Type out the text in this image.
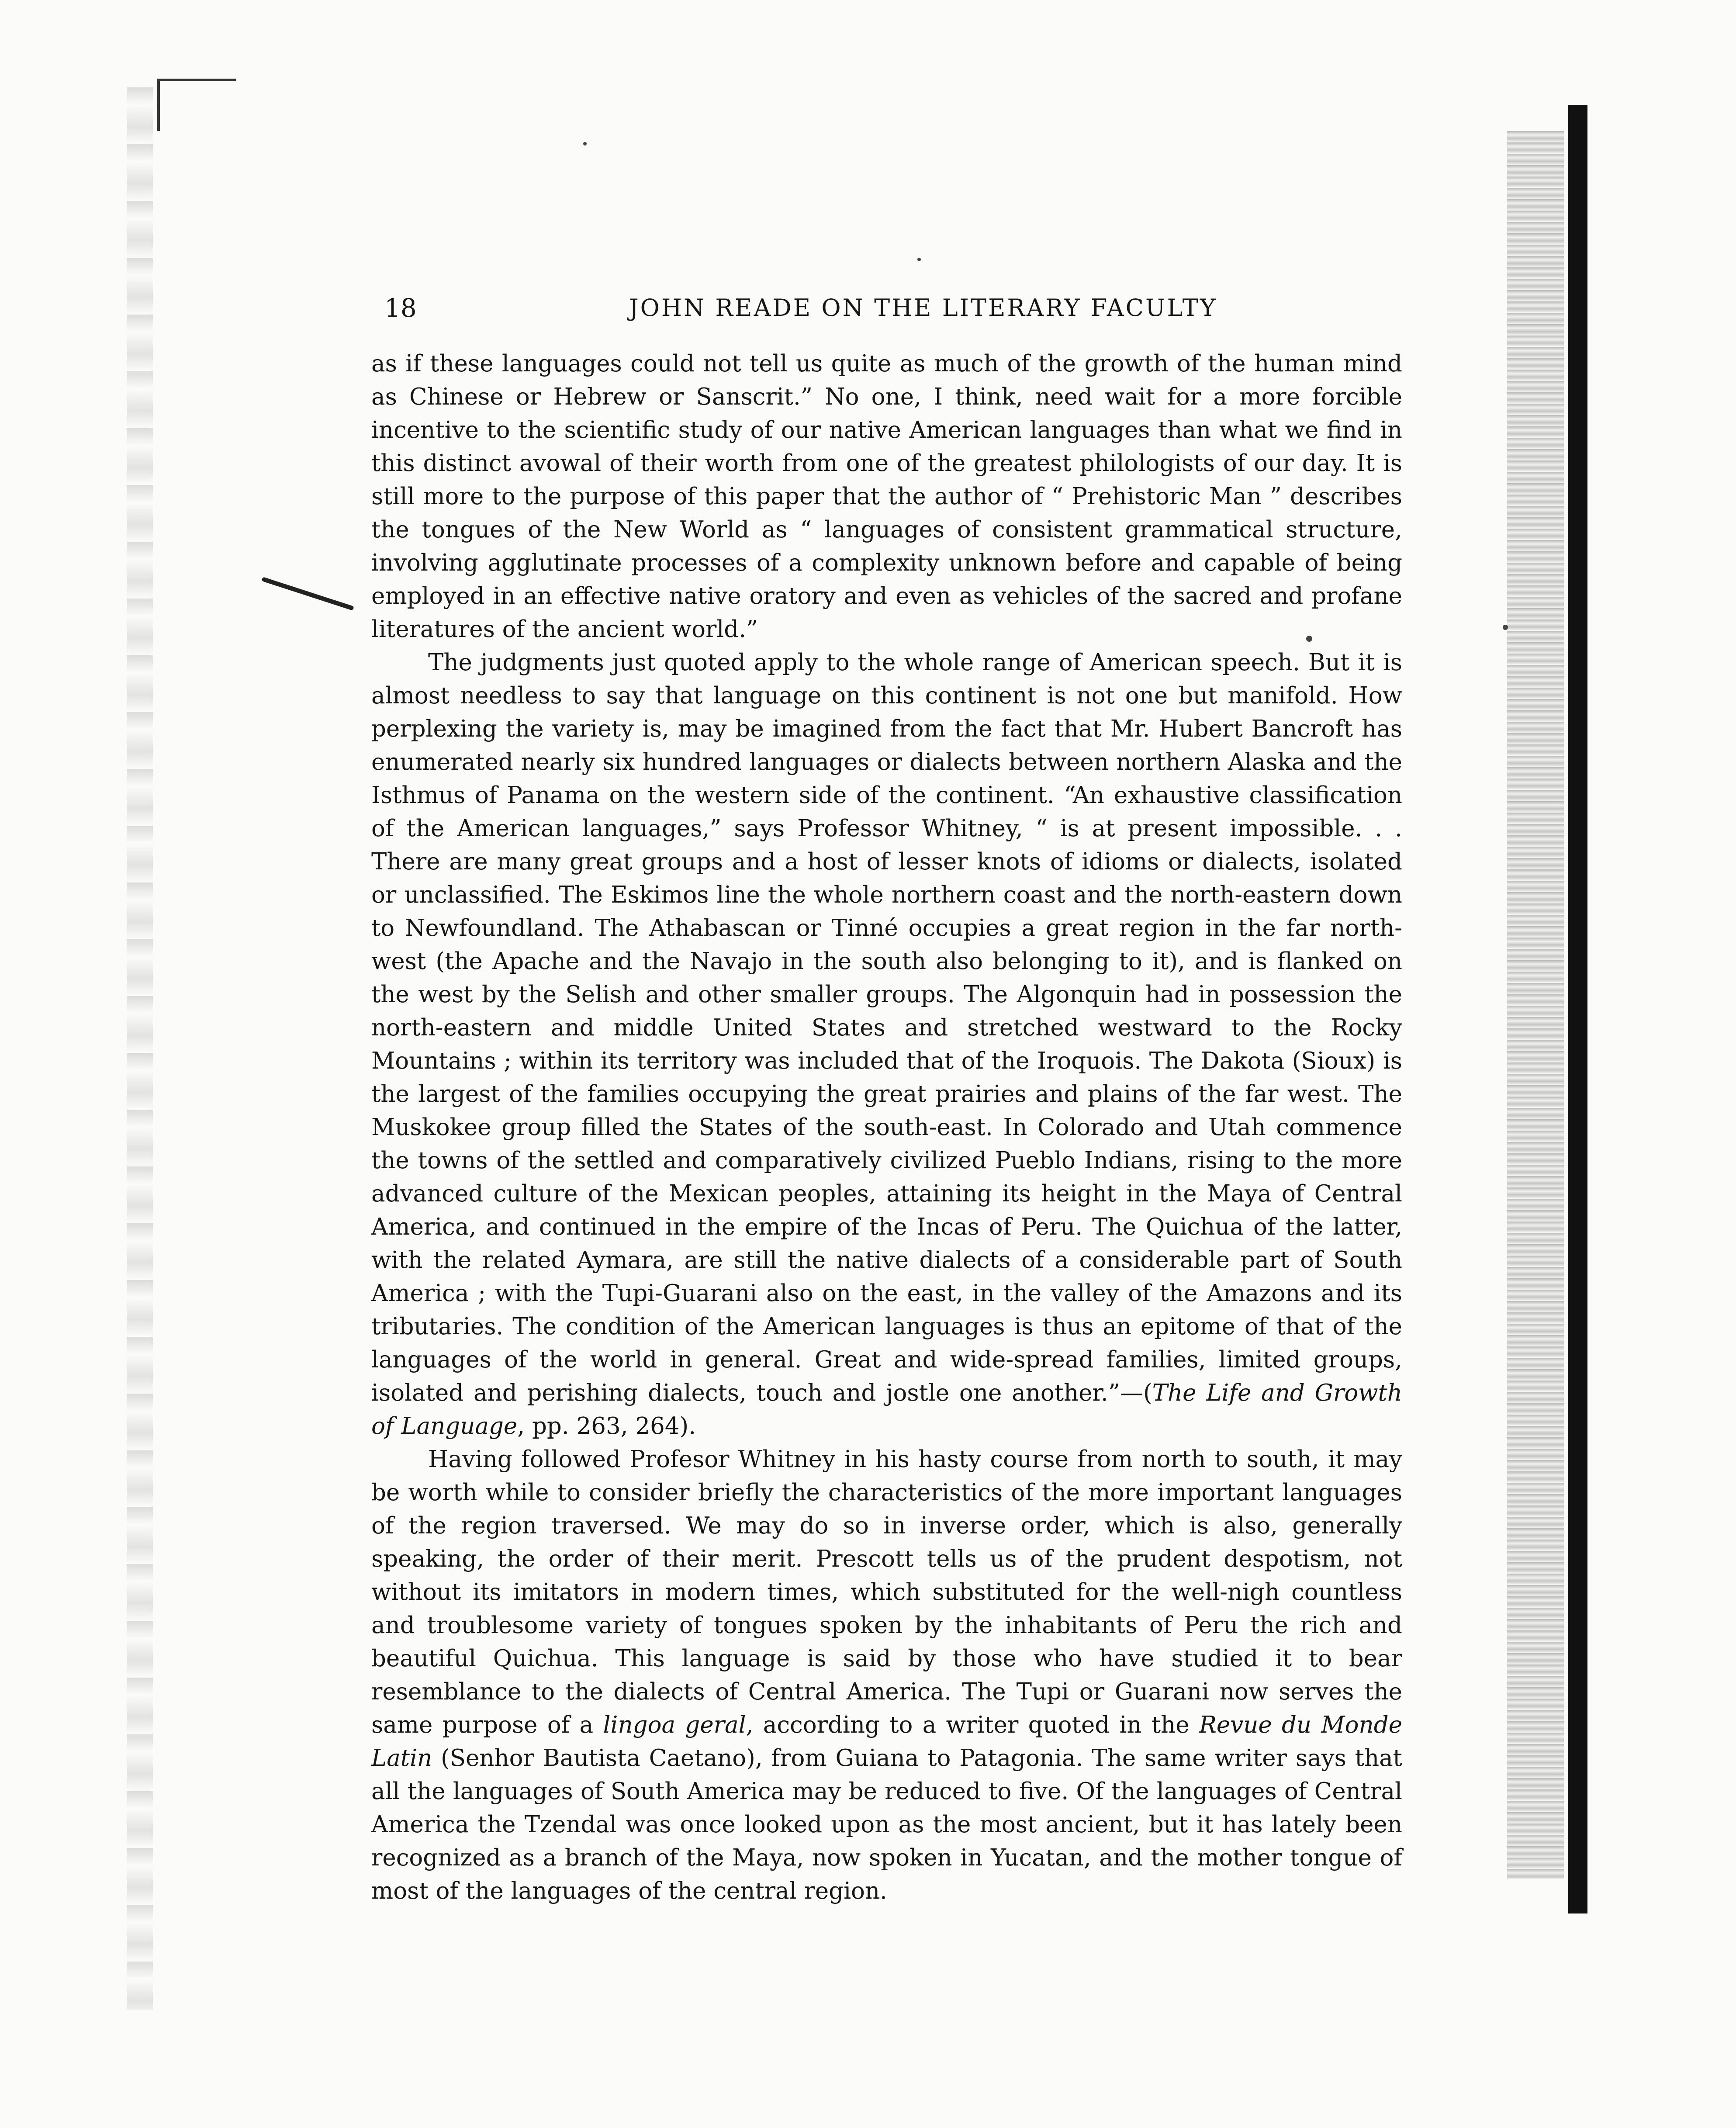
18	JOHN READE ON THE LITERARY FACULTY

as if these languages could not tell us quite as much of the growth of the human mind as Chinese or Hebrew or Sanscrit.” No one, I think, need wait for a more forcible incentive to the scientific study of our native American languages than what we find in this distinct avowal of their worth from one of the greatest philologists of our day. It is still more to the purpose of this paper that the author of “ Prehistoric Man ” describes the tongues of the New World as “ languages of consistent grammatical structure, involving agglutinate processes of a complexity unknown before and capable of being employed in an effective native oratory and even as vehicles of the sacred and profane literatures of the ancient world.”

The judgments just quoted apply to the whole range of American speech. But it is almost needless to say that language on this continent is not one but manifold. How perplexing the variety is, may be imagined from the fact that Mr. Hubert Bancroft has enumerated nearly six hundred languages or dialects between northern Alaska and the Isthmus of Panama on the western side of the continent. “An exhaustive classification of the American languages,” says Professor Whitney, “ is at present impossible. . . There are many great groups and a host of lesser knots of idioms or dialects, isolated or unclassified. The Eskimos line the whole northern coast and the north-eastern down to Newfoundland. The Athabascan or Tinné occupies a great region in the far north-west (the Apache and the Navajo in the south also belonging to it), and is flanked on the west by the Selish and other smaller groups. The Algonquin had in possession the north-eastern and middle United States and stretched westward to the Rocky Mountains ; within its territory was included that of the Iroquois. The Dakota (Sioux) is the largest of the families occupying the great prairies and plains of the far west. The Muskokee group filled the States of the south-east. In Colorado and Utah commence the towns of the settled and comparatively civilized Pueblo Indians, rising to the more advanced culture of the Mexican peoples, attaining its height in the Maya of Central America, and continued in the empire of the Incas of Peru. The Quichua of the latter, with the related Aymara, are still the native dialects of a considerable part of South America ; with the Tupi-Guarani also on the east, in the valley of the Amazons and its tributaries. The condition of the American languages is thus an epitome of that of the languages of the world in general. Great and wide-spread families, limited groups, isolated and perishing dialects, touch and jostle one another.”—(The Life and Growth of Language, pp. 263, 264).

Having followed Profesor Whitney in his hasty course from north to south, it may be worth while to consider briefly the characteristics of the more important languages of the region traversed. We may do so in inverse order, which is also, generally speaking, the order of their merit. Prescott tells us of the prudent despotism, not without its imitators in modern times, which substituted for the well-nigh countless and troublesome variety of tongues spoken by the inhabitants of Peru the rich and beautiful Quichua. This language is said by those who have studied it to bear resemblance to the dialects of Central America. The Tupi or Guarani now serves the same purpose of a lingoa geral, according to a writer quoted in the Revue du Monde Latin (Senhor Bautista Caetano), from Guiana to Patagonia. The same writer says that all the languages of South America may be reduced to five. Of the languages of Central America the Tzendal was once looked upon as the most ancient, but it has lately been recognized as a branch of the Maya, now spoken in Yucatan, and the mother tongue of most of the languages of the central region.
